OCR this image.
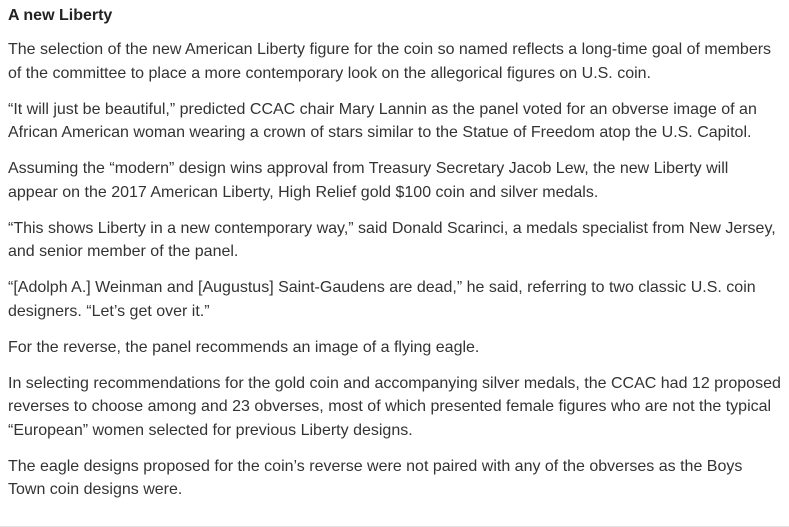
A new Liberty

The selection of the new American Liberty figure for the coin so named reflects a long-time goal of members of the committee to place a more contemporary look on the allegorical figures on U.S. coin.

“It will just be beautiful,” predicted CCAC chair Mary Lannin as the panel voted for an obverse image of an African American woman wearing a crown of stars similar to the Statue of Freedom atop the U.S. Capitol.

Assuming the “modern” design wins approval from Treasury Secretary Jacob Lew, the new Liberty will appear on the 2017 American Liberty, High Relief gold $100 coin and silver medals.

“This shows Liberty in a new contemporary way,” said Donald Scarinci, a medals specialist from New Jersey, and senior member of the panel.

“[Adolph A.] Weinman and [Augustus] Saint-Gaudens are dead,” he said, referring to two classic U.S. coin designers. “Let’s get over it.”

For the reverse, the panel recommends an image of a flying eagle.

In selecting recommendations for the gold coin and accompanying silver medals, the CCAC had 12 proposed reverses to choose among and 23 obverses, most of which presented female figures who are not the typical “European” women selected for previous Liberty designs.

The eagle designs proposed for the coin’s reverse were not paired with any of the obverses as the Boys Town coin designs were.
